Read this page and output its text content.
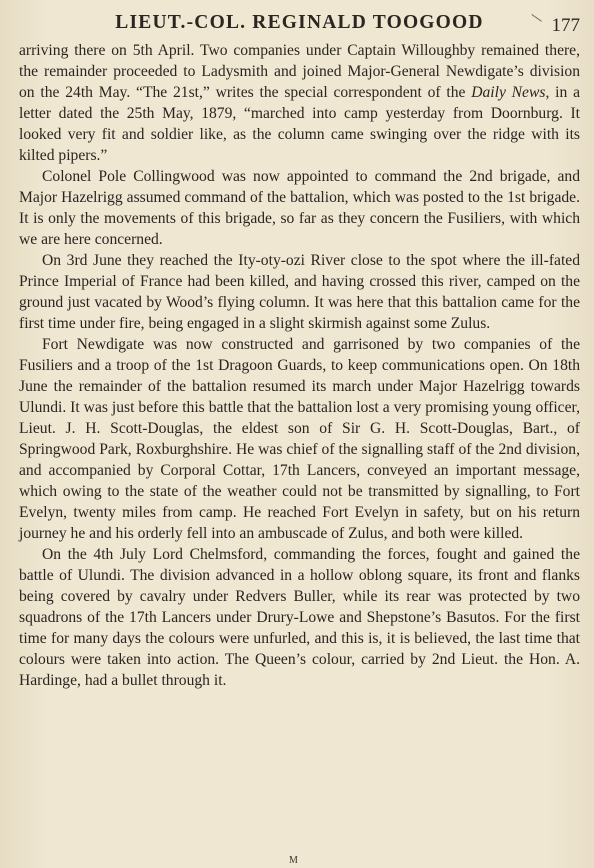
LIEUT.-COL. REGINALD TOOGOOD	177

arriving there on 5th April. Two companies under Captain Willoughby remained there, the remainder proceeded to Ladysmith and joined Major-General Newdigate’s division on the 24th May. “The 21st,” writes the special correspondent of the Daily News, in a letter dated the 25th May, 1879, “marched into camp yesterday from Doornburg. It looked very fit and soldier like, as the column came swinging over the ridge with its kilted pipers.”

Colonel Pole Collingwood was now appointed to command the 2nd brigade, and Major Hazelrigg assumed command of the battalion, which was posted to the 1st brigade. It is only the movements of this brigade, so far as they concern the Fusiliers, with which we are here concerned.

On 3rd June they reached the Ity-oty-ozi River close to the spot where the ill-fated Prince Imperial of France had been killed, and having crossed this river, camped on the ground just vacated by Wood’s flying column. It was here that this battalion came for the first time under fire, being engaged in a slight skirmish against some Zulus.

Fort Newdigate was now constructed and garrisoned by two companies of the Fusiliers and a troop of the 1st Dragoon Guards, to keep communications open. On 18th June the remainder of the battalion resumed its march under Major Hazelrigg towards Ulundi. It was just before this battle that the battalion lost a very promising young officer, Lieut. J. H. Scott-Douglas, the eldest son of Sir G. H. Scott-Douglas, Bart., of Springwood Park, Roxburghshire. He was chief of the signalling staff of the 2nd division, and accompanied by Corporal Cottar, 17th Lancers, conveyed an important message, which owing to the state of the weather could not be transmitted by signalling, to Fort Evelyn, twenty miles from camp. He reached Fort Evelyn in safety, but on his return journey he and his orderly fell into an ambuscade of Zulus, and both were killed.

On the 4th July Lord Chelmsford, commanding the forces, fought and gained the battle of Ulundi. The division advanced in a hollow oblong square, its front and flanks being covered by cavalry under Redvers Buller, while its rear was protected by two squadrons of the 17th Lancers under Drury-Lowe and Shepstone’s Basutos. For the first time for many days the colours were unfurled, and this is, it is believed, the last time that colours were taken into action. The Queen’s colour, carried by 2nd Lieut. the Hon. A. Hardinge, had a bullet through it.

M
